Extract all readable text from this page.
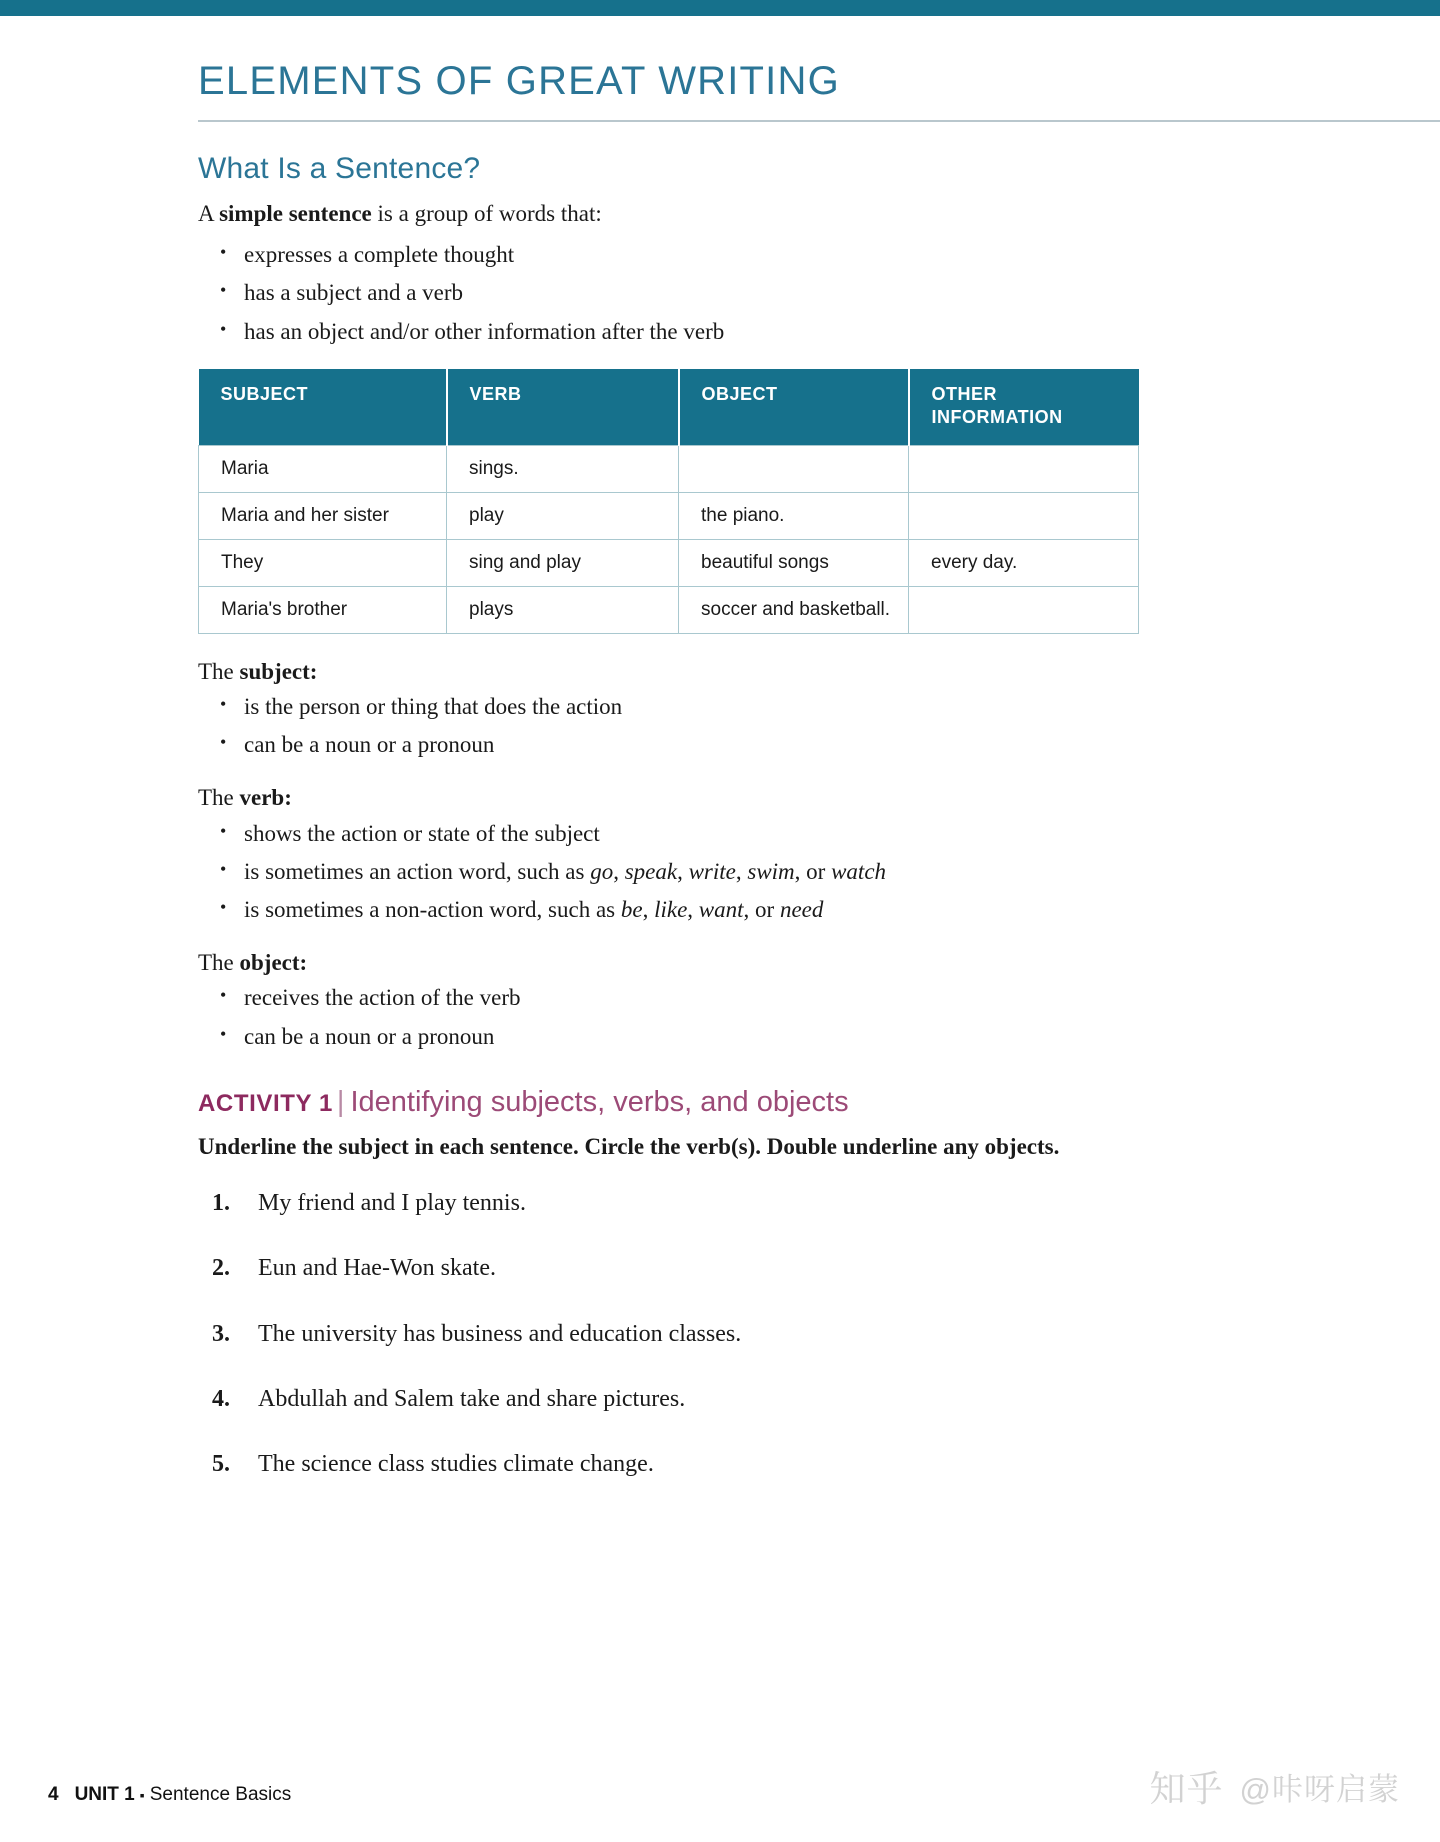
ELEMENTS OF GREAT WRITING
What Is a Sentence?

A simple sentence is a group of words that:

• expresses a complete thought
• has a subject and a verb
• has an object and/or other information after the verb
SUBJECT	VERB	OBJECT	OTHER INFORMATION
Maria	sings.		
Maria and her sister	play	the piano.	
They	sing and play	beautiful songs	every day.
Maria's brother	plays	soccer and basketball.	

The subject:

• is the person or thing that does the action
• can be a noun or a pronoun

The verb:

• shows the action or state of the subject
• is sometimes an action word, such as go, speak, write, swim, or watch
• is sometimes a non-action word, such as be, like, want, or need

The object:

• receives the action of the verb
• can be a noun or a pronoun
ACTIVITY 1 | Identifying subjects, verbs, and objects

Underline the subject in each sentence. Circle the verb(s). Double underline any objects.

1. My friend and I play tennis.
2. Eun and Hae-Won skate.
3. The university has business and education classes.
4. Abdullah and Salem take and share pictures.
5. The science class studies climate change.
4 UNIT 1 ▪ Sentence Basics	知乎 @咔呀启蒙
